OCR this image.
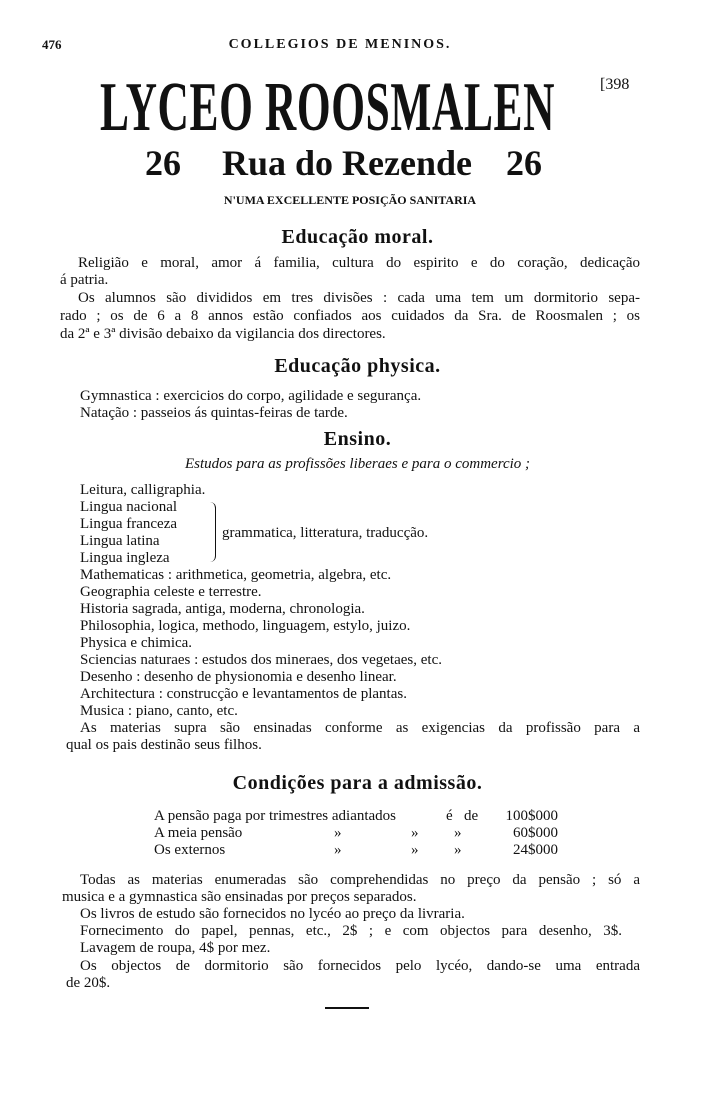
476	COLLEGIOS DE MENINOS.
LYCEO ROOSMALEN	[398
26 Rua do Rezende 26
N'UMA EXCELLENTE POSIÇÃO SANITARIA
Educação moral.
Religião e moral, amor á familia, cultura do espirito e do coração, dedicação
á patria.
Os alumnos são divididos em tres divisões : cada uma tem um dormitorio sepa-
rado ; os de 6 a 8 annos estão confiados aos cuidados da Sra. de Roosmalen ; os
da 2ª e 3ª divisão debaixo da vigilancia dos directores.
Educação physica.
Gymnastica : exercicios do corpo, agilidade e segurança.
Natação : passeios ás quintas-feiras de tarde.
Ensino.
Estudos para as profissões liberaes e para o commercio ;
Leitura, calligraphia.
Lingua nacional
Lingua franceza
Lingua latina
Lingua ingleza
grammatica, litteratura, traducção.
Mathematicas : arithmetica, geometria, algebra, etc.
Geographia celeste e terrestre.
Historia sagrada, antiga, moderna, chronologia.
Philosophia, logica, methodo, linguagem, estylo, juizo.
Physica e chimica.
Sciencias naturaes : estudos dos mineraes, dos vegetaes, etc.
Desenho : desenho de physionomia e desenho linear.
Architectura : construcção e levantamentos de plantas.
Musica : piano, canto, etc.
As materias supra são ensinadas conforme as exigencias da profissão para a
qual os pais destinão seus filhos.
Condições para a admissão.
A pensão paga por trimestres adiantados	é de	100$000
A meia pensão	»	» »	60$000
Os externos	»	» »	24$000
Todas as materias enumeradas são comprehendidas no preço da pensão ; só a
musica e a gymnastica são ensinadas por preços separados.
Os livros de estudo são fornecidos no lycéo ao preço da livraria.
Fornecimento do papel, pennas, etc., 2$ ; e com objectos para desenho, 3$.
Lavagem de roupa, 4$ por mez.
Os objectos de dormitorio são fornecidos pelo lycéo, dando-se uma entrada
de 20$.
